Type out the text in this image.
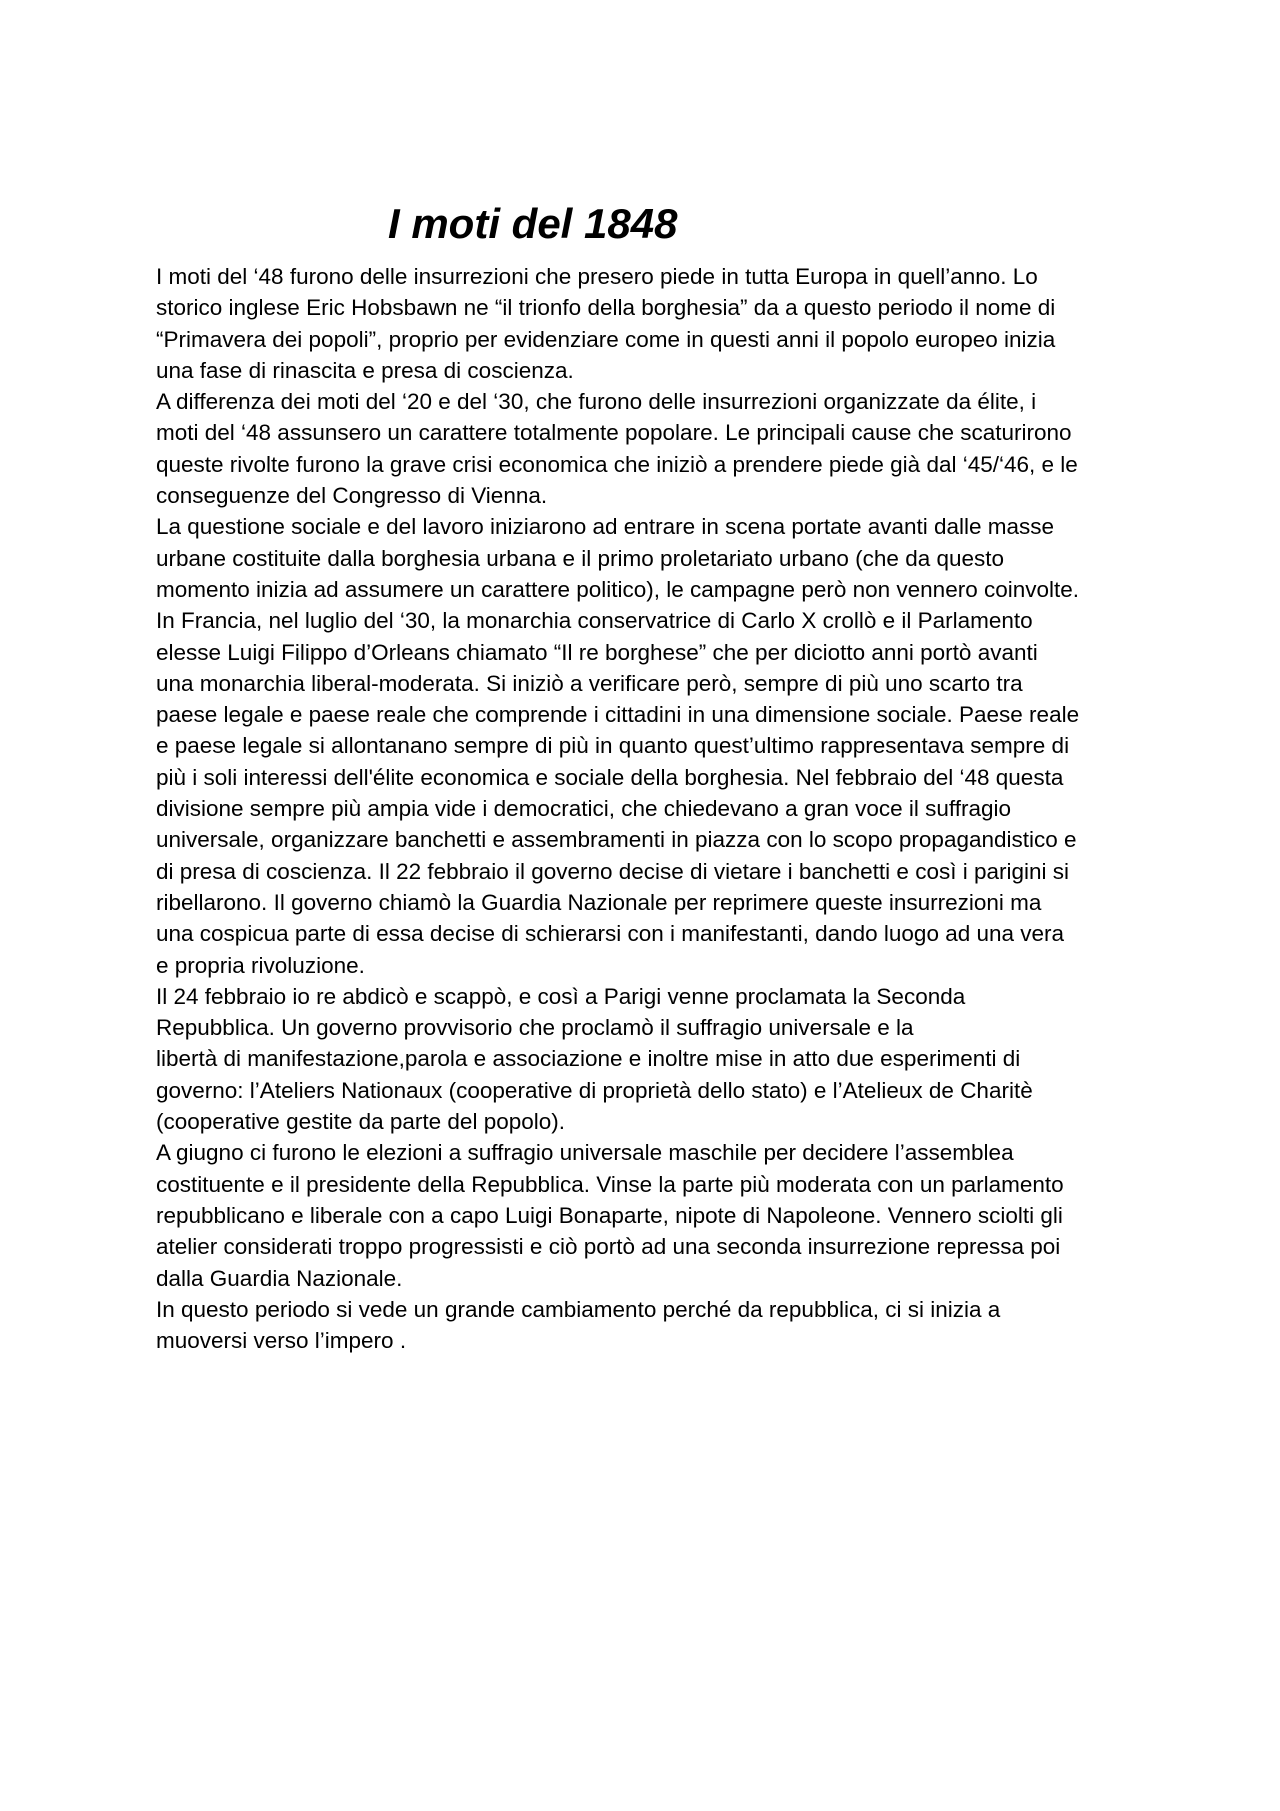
I moti del 1848

I moti del ‘48 furono delle insurrezioni che presero piede in tutta Europa in quell’anno. Lo
storico inglese Eric Hobsbawn ne “il trionfo della borghesia” da a questo periodo il nome di
“Primavera dei popoli”, proprio per evidenziare come in questi anni il popolo europeo inizia
una fase di rinascita e presa di coscienza.

A differenza dei moti del ‘20 e del ‘30, che furono delle insurrezioni organizzate da élite, i
moti del ‘48 assunsero un carattere totalmente popolare. Le principali cause che scaturirono
queste rivolte furono la grave crisi economica che iniziò a prendere piede già dal ‘45/‘46, e le
conseguenze del Congresso di Vienna.

La questione sociale e del lavoro iniziarono ad entrare in scena portate avanti dalle masse
urbane costituite dalla borghesia urbana e il primo proletariato urbano (che da questo
momento inizia ad assumere un carattere politico), le campagne però non vennero coinvolte.

In Francia, nel luglio del ‘30, la monarchia conservatrice di Carlo X crollò e il Parlamento
elesse Luigi Filippo d’Orleans chiamato “Il re borghese” che per diciotto anni portò avanti
una monarchia liberal-moderata. Si iniziò a verificare però, sempre di più uno scarto tra
paese legale e paese reale che comprende i cittadini in una dimensione sociale. Paese reale
e paese legale si allontanano sempre di più in quanto quest’ultimo rappresentava sempre di
più i soli interessi dell'élite economica e sociale della borghesia. Nel febbraio del ‘48 questa
divisione sempre più ampia vide i democratici, che chiedevano a gran voce il suffragio
universale, organizzare banchetti e assembramenti in piazza con lo scopo propagandistico e
di presa di coscienza. Il 22 febbraio il governo decise di vietare i banchetti e così i parigini si
ribellarono. Il governo chiamò la Guardia Nazionale per reprimere queste insurrezioni ma
una cospicua parte di essa decise di schierarsi con i manifestanti, dando luogo ad una vera
e propria rivoluzione.

Il 24 febbraio io re abdicò e scappò, e così a Parigi venne proclamata la Seconda
Repubblica. Un governo provvisorio che proclamò il suffragio universale e la
libertà di manifestazione,parola e associazione e inoltre mise in atto due esperimenti di
governo: l’Ateliers Nationaux (cooperative di proprietà dello stato) e l’Atelieux de Charitè
(cooperative gestite da parte del popolo).

A giugno ci furono le elezioni a suffragio universale maschile per decidere l’assemblea
costituente e il presidente della Repubblica. Vinse la parte più moderata con un parlamento
repubblicano e liberale con a capo Luigi Bonaparte, nipote di Napoleone. Vennero sciolti gli
atelier considerati troppo progressisti e ciò portò ad una seconda insurrezione repressa poi
dalla Guardia Nazionale.

In questo periodo si vede un grande cambiamento perché da repubblica, ci si inizia a
muoversi verso l’impero .
